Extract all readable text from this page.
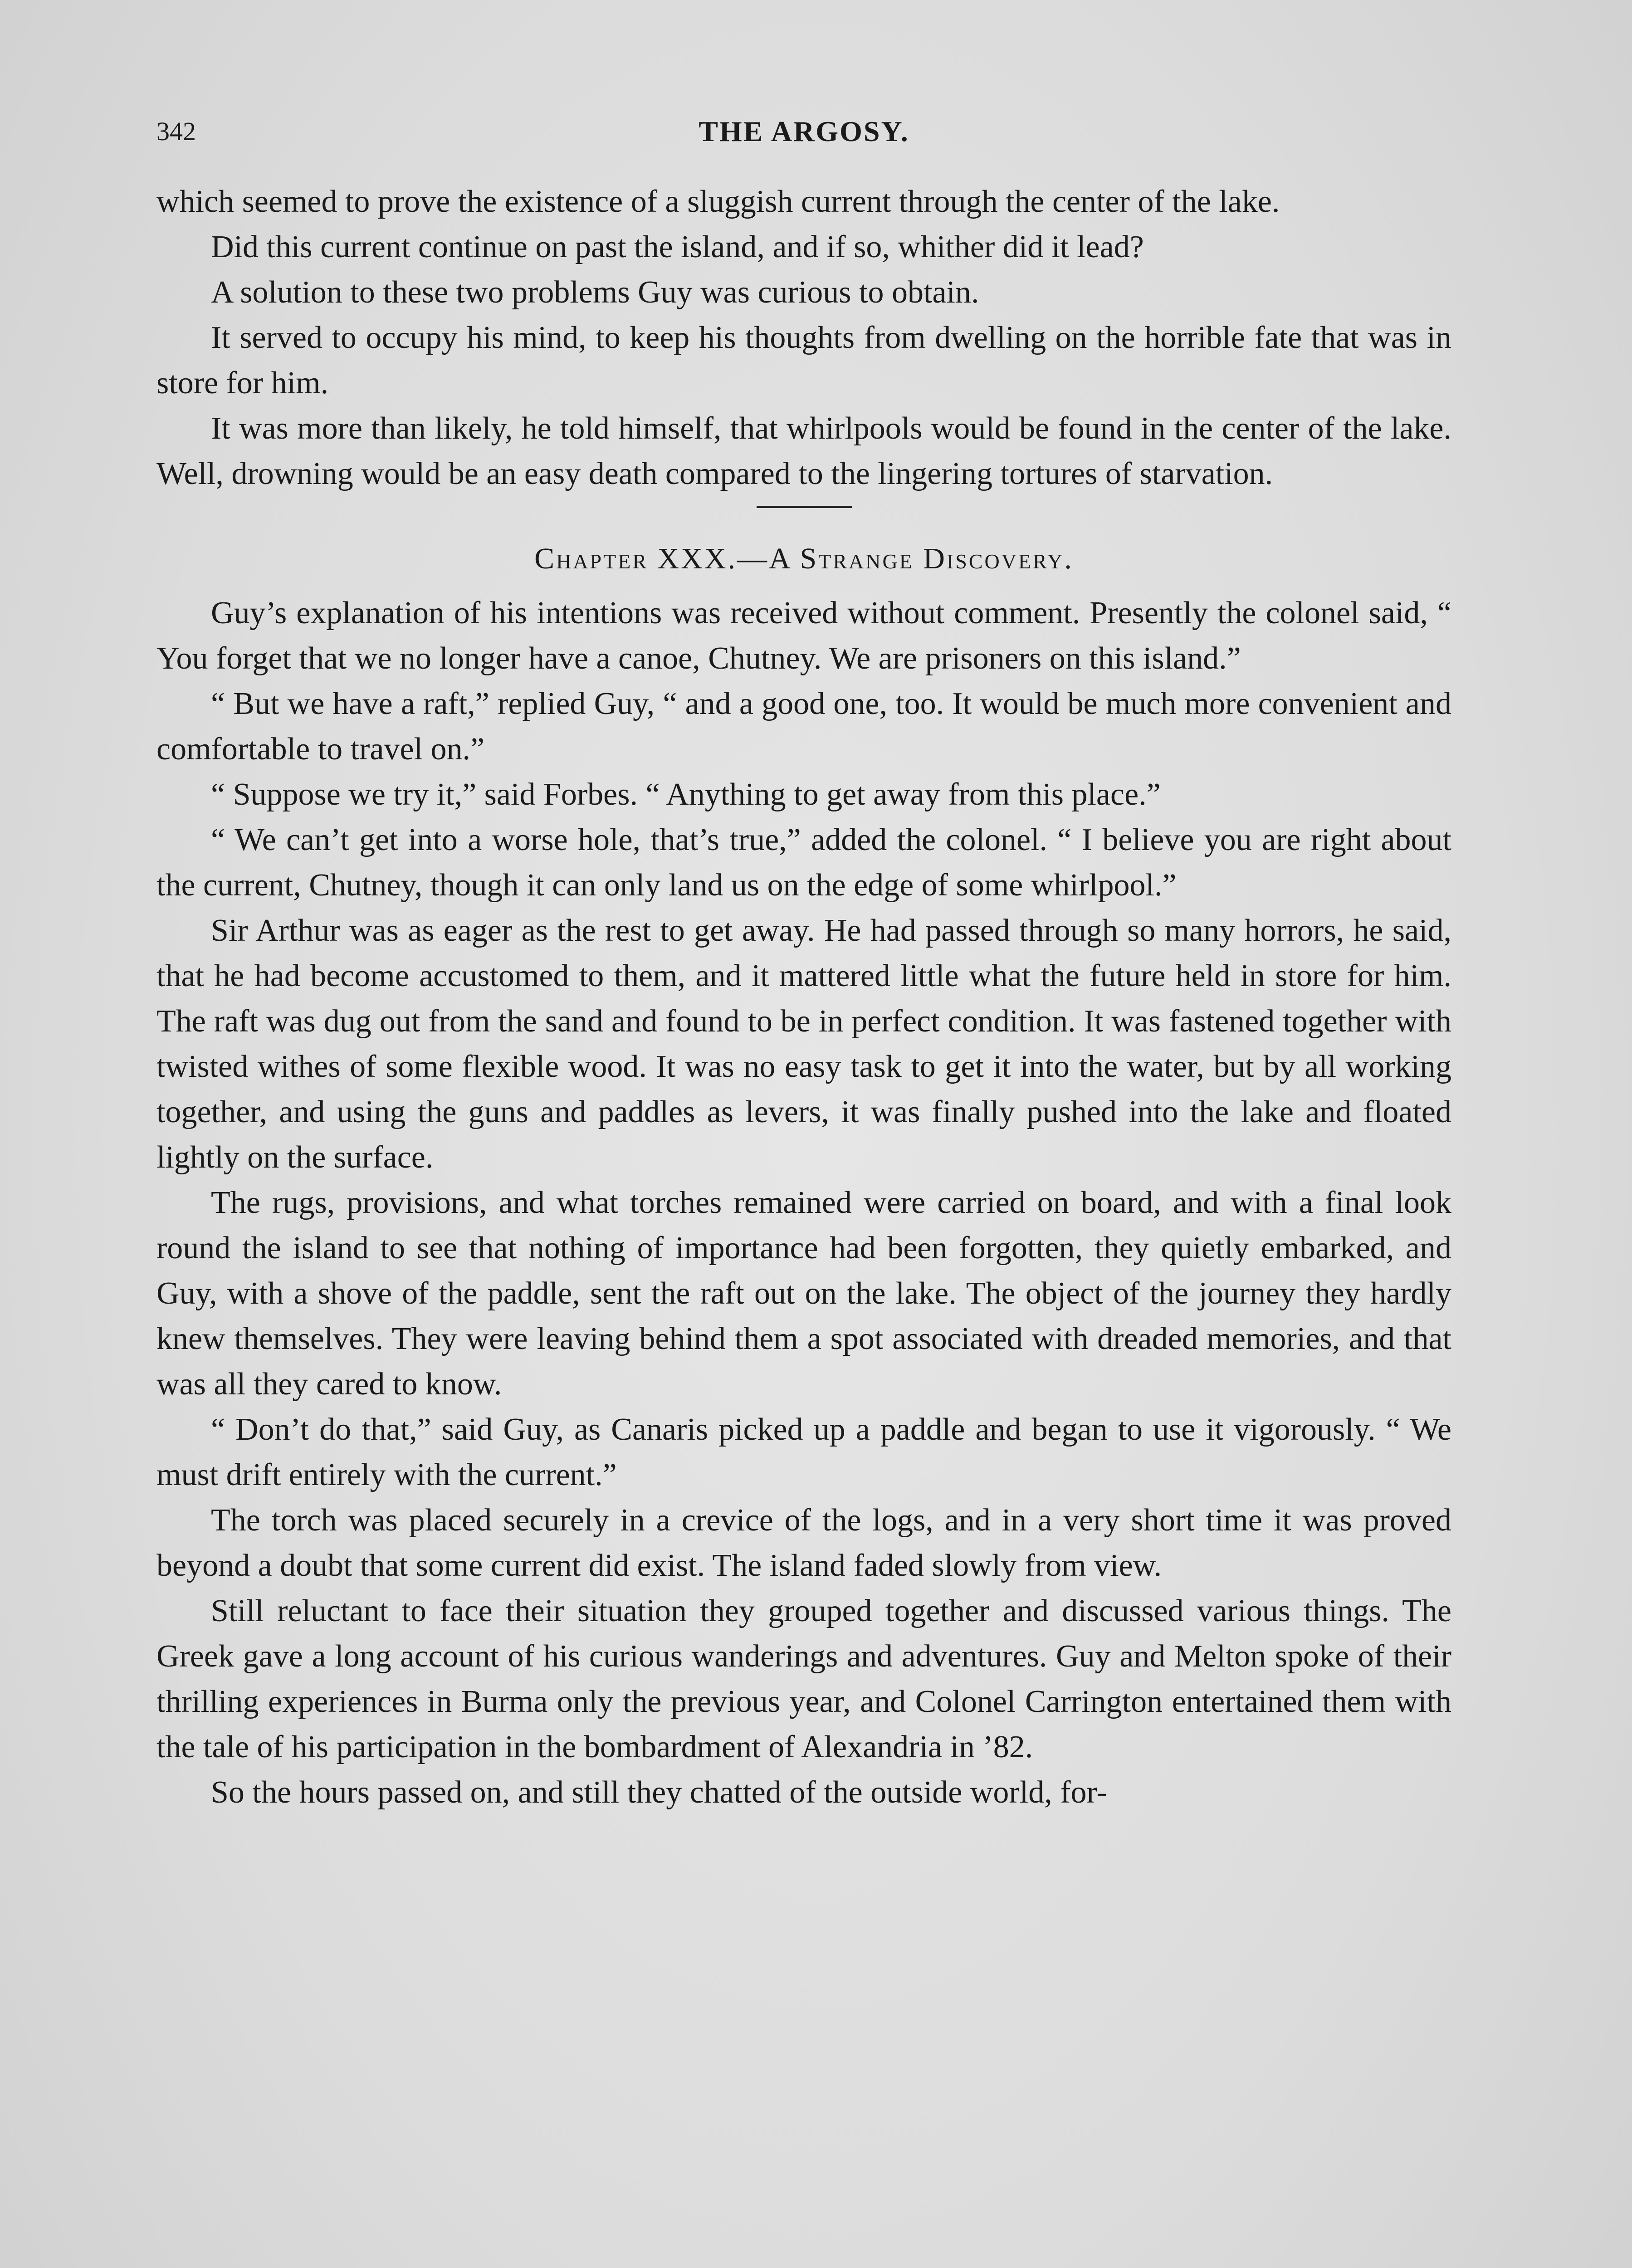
342	THE ARGOSY.

which seemed to prove the existence of a sluggish current through the center of the lake.

Did this current continue on past the island, and if so, whither did it lead?

A solution to these two problems Guy was curious to obtain.

It served to occupy his mind, to keep his thoughts from dwelling on the horrible fate that was in store for him.

It was more than likely, he told himself, that whirlpools would be found in the center of the lake. Well, drowning would be an easy death compared to the lingering tortures of starvation.

Chapter XXX.—A Strange Discovery.

Guy’s explanation of his intentions was received without comment. Presently the colonel said, “ You forget that we no longer have a canoe, Chutney. We are prisoners on this island.”

“ But we have a raft,” replied Guy, “ and a good one, too. It would be much more convenient and comfortable to travel on.”

“ Suppose we try it,” said Forbes. “ Anything to get away from this place.”

“ We can’t get into a worse hole, that’s true,” added the colonel. “ I believe you are right about the current, Chutney, though it can only land us on the edge of some whirlpool.”

Sir Arthur was as eager as the rest to get away. He had passed through so many horrors, he said, that he had become accustomed to them, and it mattered little what the future held in store for him. The raft was dug out from the sand and found to be in perfect condition. It was fastened together with twisted withes of some flexible wood. It was no easy task to get it into the water, but by all working together, and using the guns and paddles as levers, it was finally pushed into the lake and floated lightly on the surface.

The rugs, provisions, and what torches remained were carried on board, and with a final look round the island to see that nothing of importance had been forgotten, they quietly embarked, and Guy, with a shove of the paddle, sent the raft out on the lake. The object of the journey they hardly knew themselves. They were leaving behind them a spot associated with dreaded memories, and that was all they cared to know.

“ Don’t do that,” said Guy, as Canaris picked up a paddle and began to use it vigorously. “ We must drift entirely with the current.”

The torch was placed securely in a crevice of the logs, and in a very short time it was proved beyond a doubt that some current did exist. The island faded slowly from view.

Still reluctant to face their situation they grouped together and discussed various things. The Greek gave a long account of his curious wanderings and adventures. Guy and Melton spoke of their thrilling experiences in Burma only the previous year, and Colonel Carrington entertained them with the tale of his participation in the bombardment of Alexandria in ’82.

So the hours passed on, and still they chatted of the outside world, for-
